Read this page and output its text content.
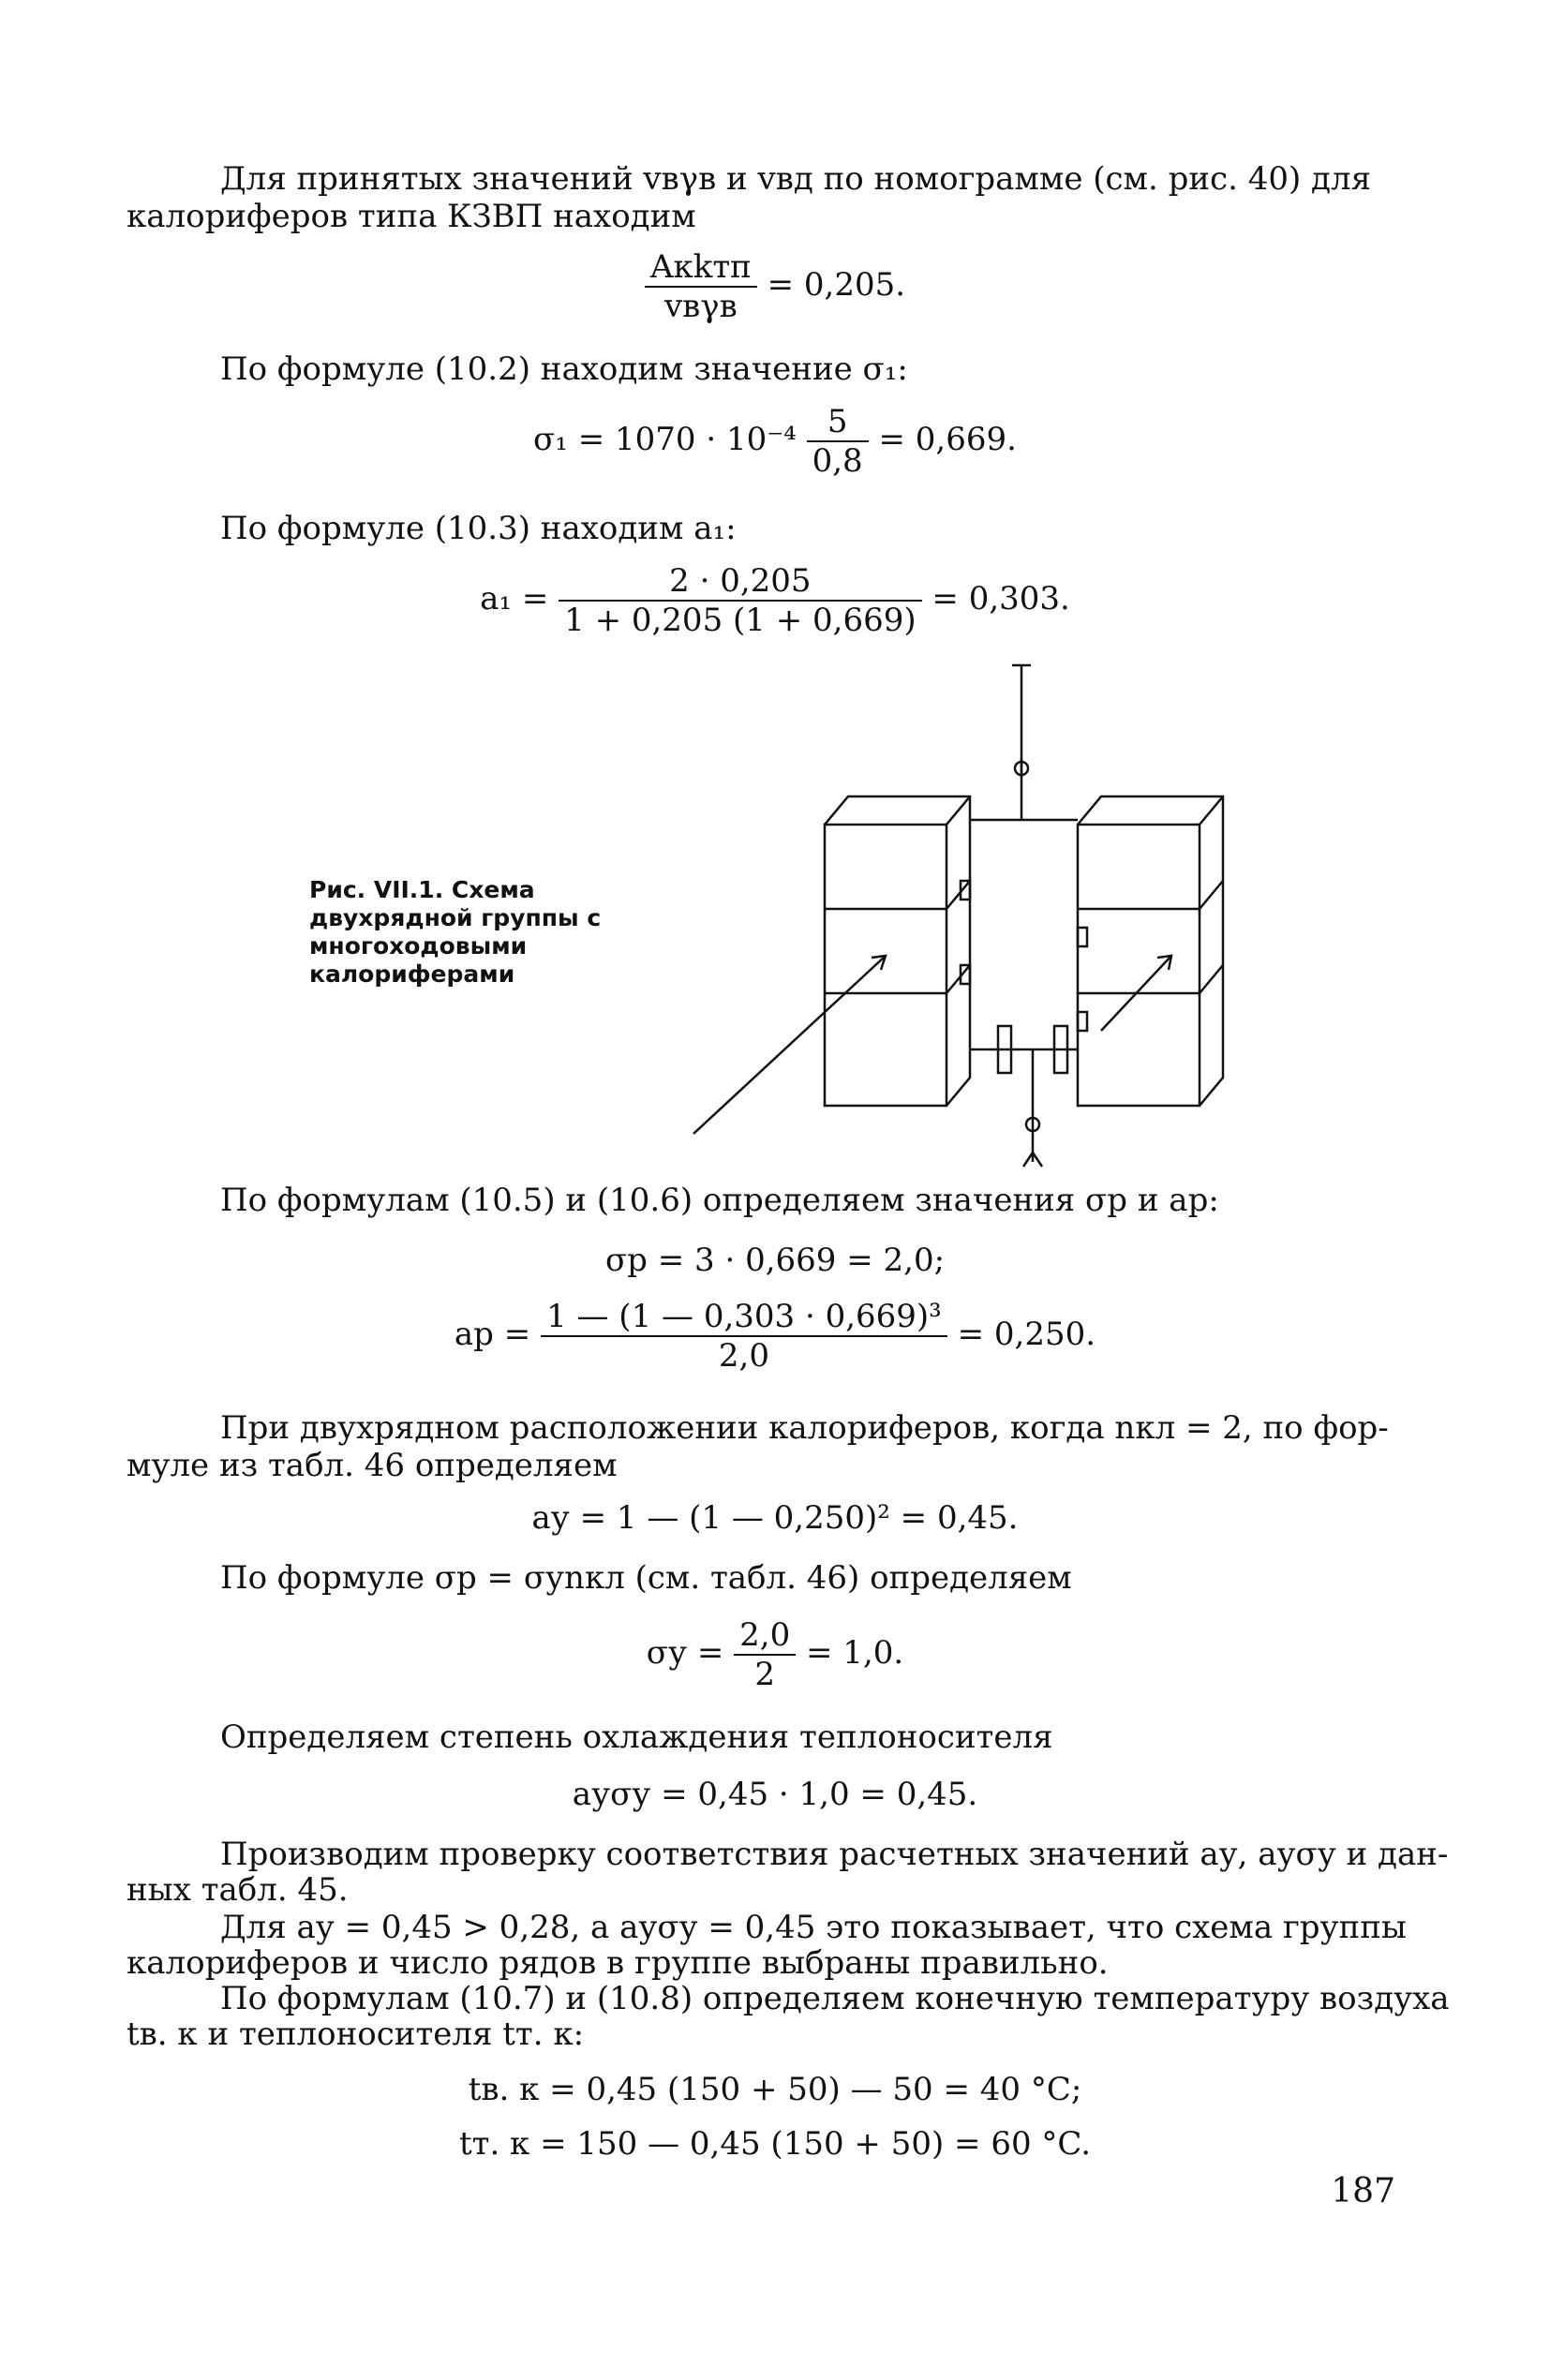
Для принятых значений vвγв и vвд по номограмме (см. рис. 40) для
калориферов типа КЗВП находим
$\frac{\text{Aкkтп}}{\text{vвγв}} = 0,205$.
По формуле (10.2) находим значение σ₁:
$\sigma_1 = 1070 \cdot 10^{-4} \frac{5}{0,8} = 0,669$.
По формуле (10.3) находим a₁:
$a_1 = \frac{2 \cdot 0,205}{1 + 0,205 (1 + 0,669)} = 0,303$.
Рис. VII.1. Схема двухрядной группы с многоходовыми калориферами
По формулам (10.5) и (10.6) определяем значения σр и aр:
σр = 3 · 0,669 = 2,0;
aр = $\frac{\text{1 — (1 — 0,303 · 0,669)³}}{2,0} = 0,250$.
При двухрядном расположении калориферов, когда nкл = 2, по фор-
муле из табл. 46 определяем
aу = 1 — (1 — 0,250)² = 0,45.
По формуле σр = σуnкл (см. табл. 46) определяем
$\sigma у = \frac{2,0}{2} = 1,0$.
Определяем степень охлаждения теплоносителя
aуσу = 0,45 · 1,0 = 0,45.
Производим проверку соответствия расчетных значений aу, aуσу и дан-
ных табл. 45.
Для aу = 0,45 > 0,28, а aуσу = 0,45 это показывает, что схема группы
калориферов и число рядов в группе выбраны правильно.
По формулам (10.7) и (10.8) определяем конечную температуру воздуха
tв. к и теплоносителя tт. к:
tв. к = 0,45 (150 + 50) — 50 = 40 °C;
tт. к = 150 — 0,45 (150 + 50) = 60 °C.
187
